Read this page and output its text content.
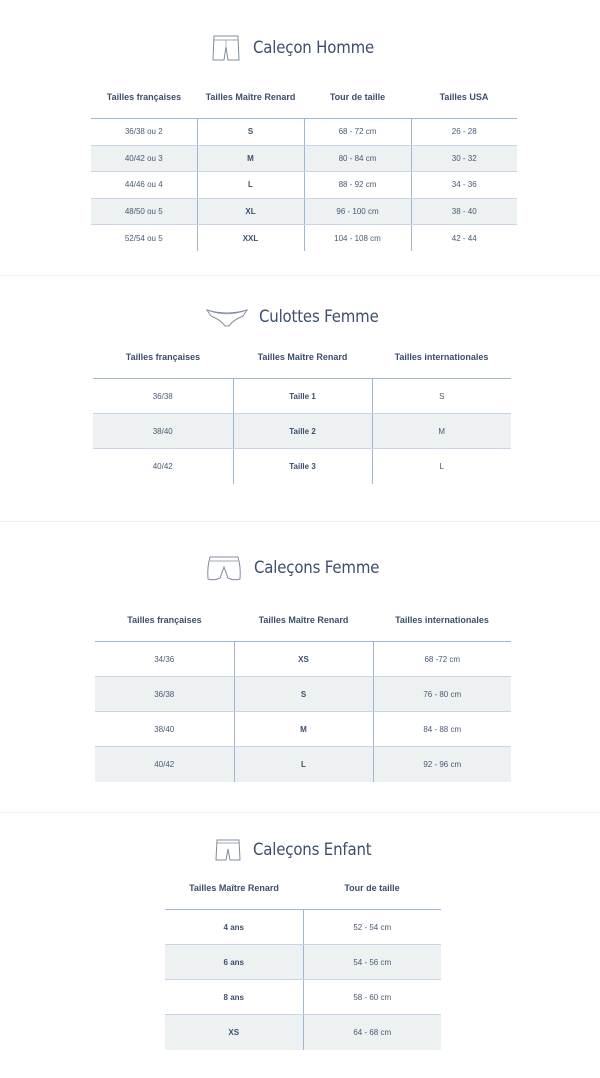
Caleçon Homme
Tailles françaises	Tailles Maître Renard	Tour de taille	Tailles USA
36/38 ou 2	S	68 - 72 cm	26 - 28
40/42 ou 3	M	80 - 84 cm	30 - 32
44/46 ou 4	L	88 - 92 cm	34 - 36
48/50 ou 5	XL	96 - 100 cm	38 - 40
52/54 ou 5	XXL	104 - 108 cm	42 - 44
Culottes Femme
Tailles françaises	Tailles Maître Renard	Tailles internationales
36/38	Taille 1	S
38/40	Taille 2	M
40/42	Taille 3	L
Caleçons Femme
Tailles françaises	Tailles Maître Renard	Tailles internationales
34/36	XS	68 -72 cm
36/38	S	76 - 80 cm
38/40	M	84 - 88 cm
40/42	L	92 - 96 cm
Caleçons Enfant
Tailles Maître Renard	Tour de taille
4 ans	52 - 54 cm
6 ans	54 - 56 cm
8 ans	58 - 60 cm
XS	64 - 68 cm
